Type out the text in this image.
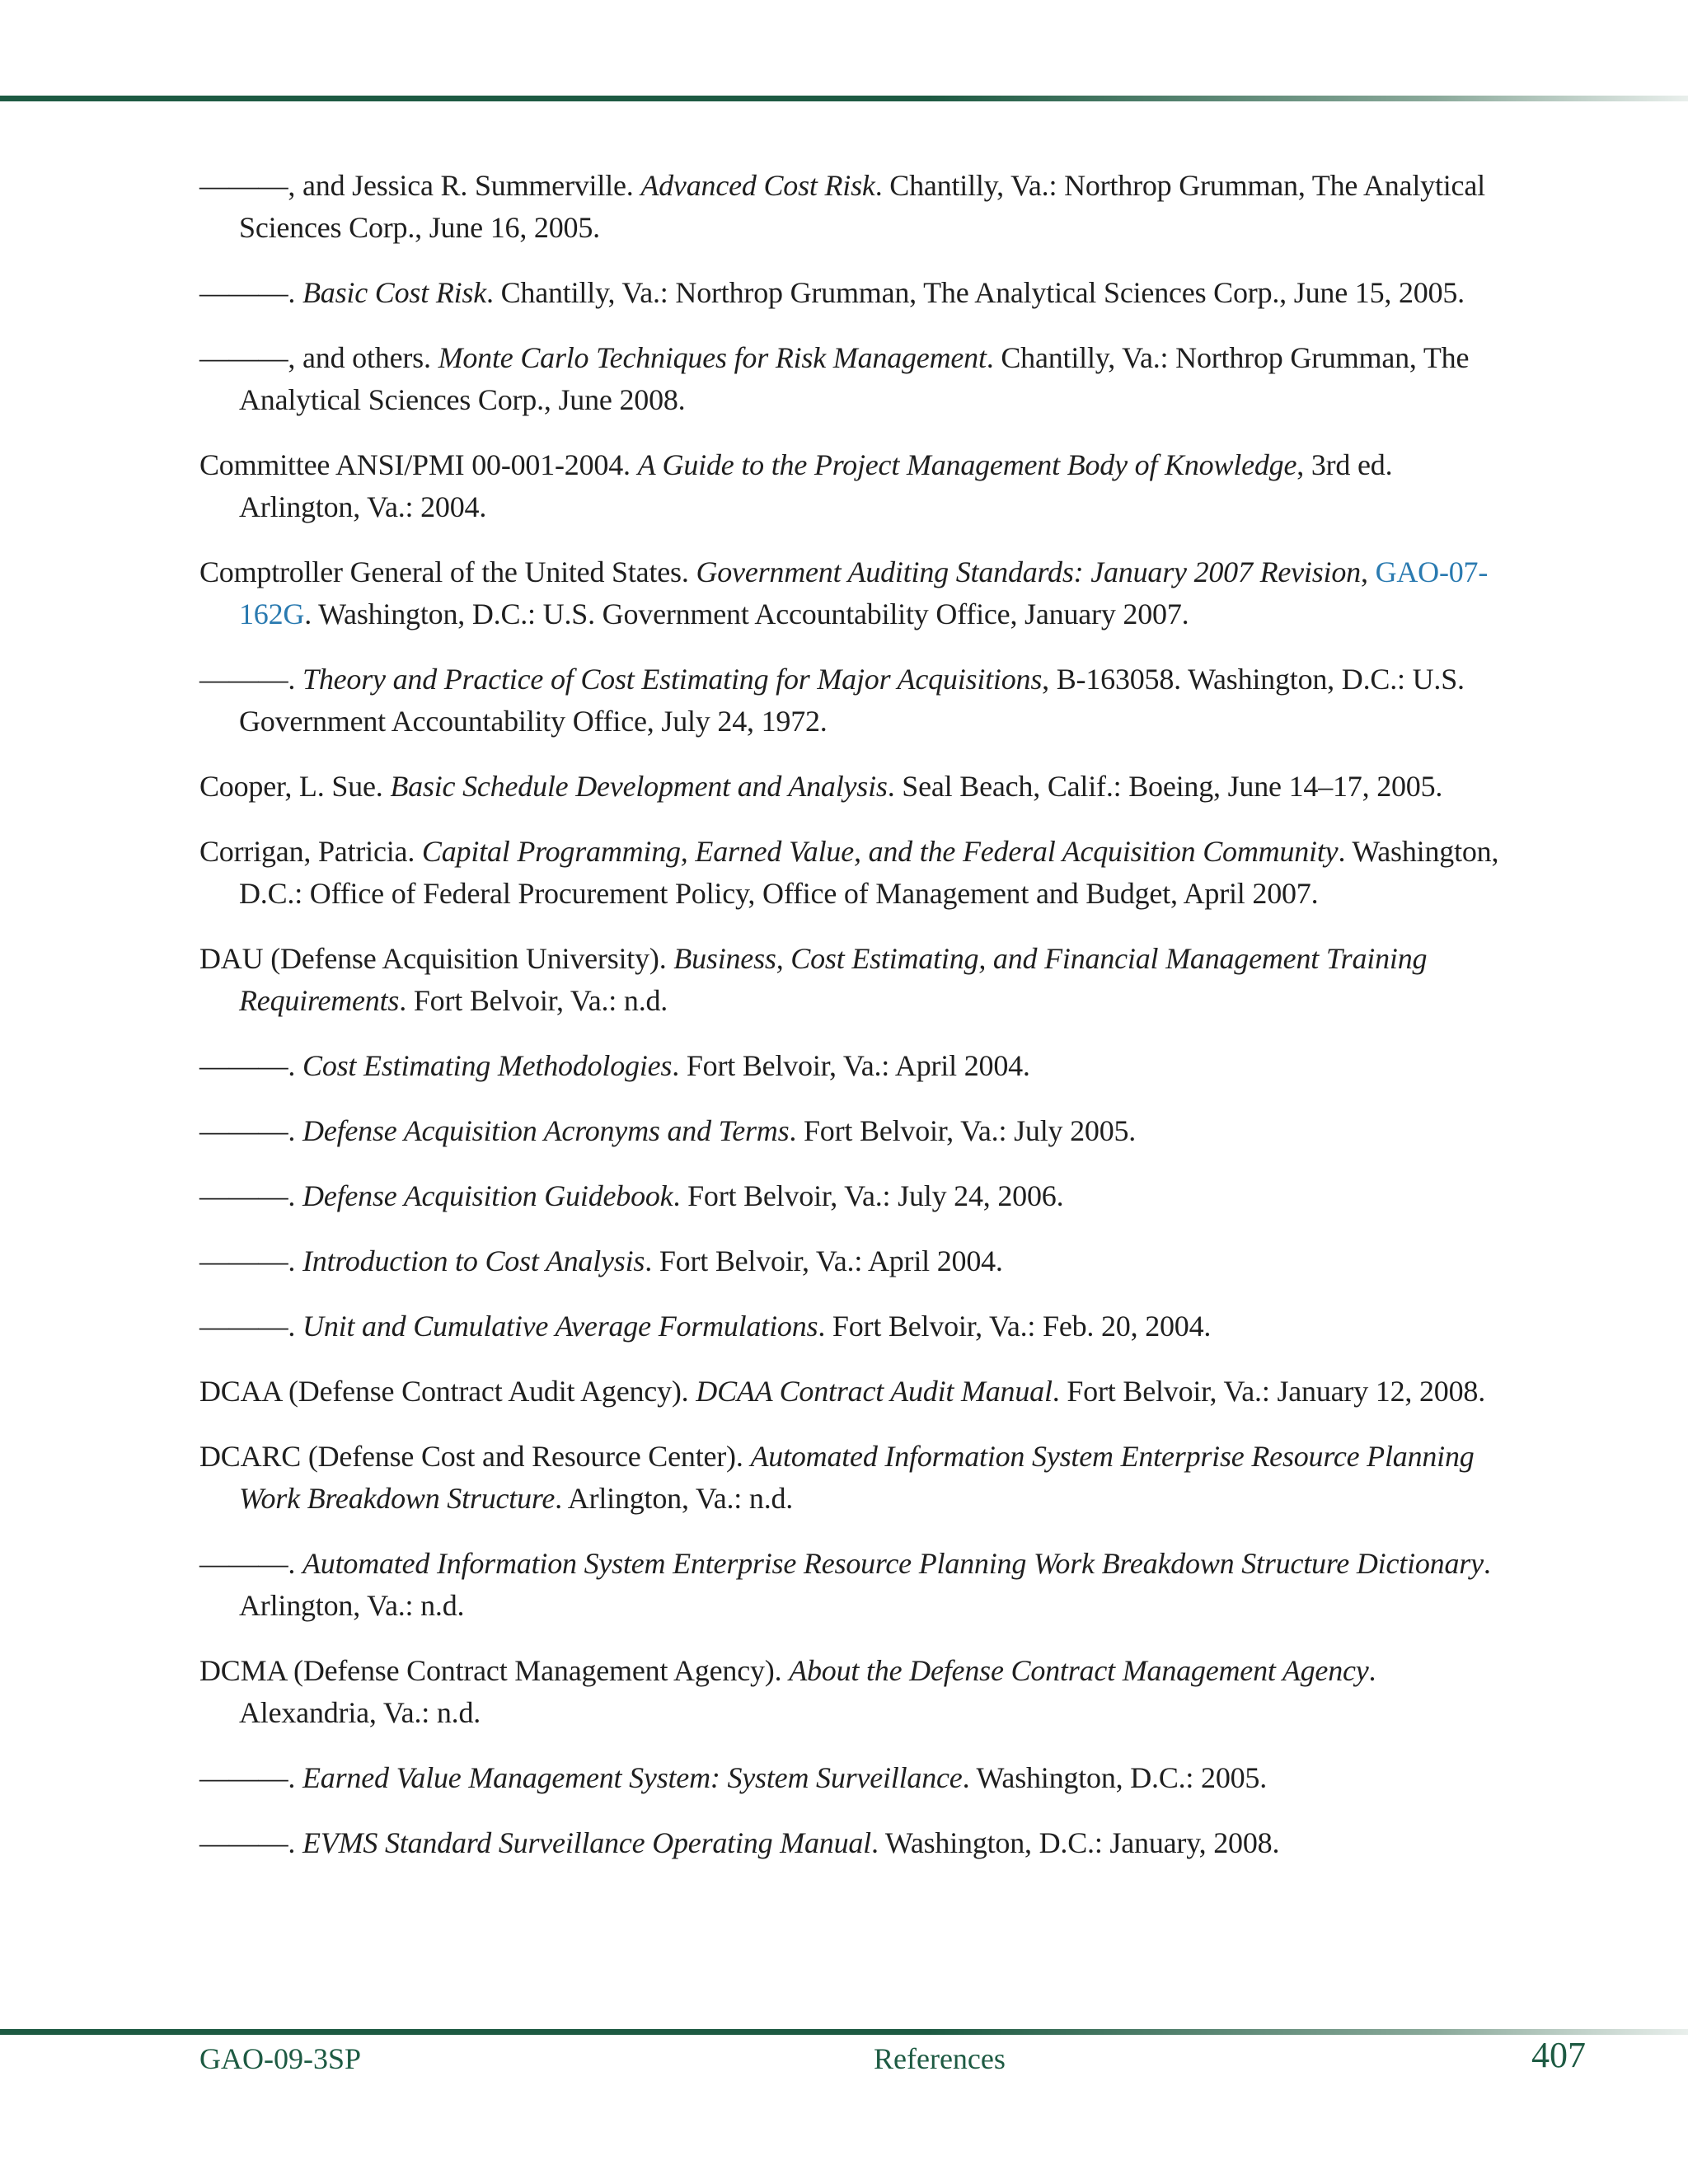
———, and Jessica R. Summerville. Advanced Cost Risk. Chantilly, Va.: Northrop Grumman, The Analytical Sciences Corp., June 16, 2005.

———. Basic Cost Risk. Chantilly, Va.: Northrop Grumman, The Analytical Sciences Corp., June 15, 2005.

———, and others. Monte Carlo Techniques for Risk Management. Chantilly, Va.: Northrop Grumman, The Analytical Sciences Corp., June 2008.

Committee ANSI/PMI 00-001-2004. A Guide to the Project Management Body of Knowledge, 3rd ed. Arlington, Va.: 2004.

Comptroller General of the United States. Government Auditing Standards: January 2007 Revision, GAO-07-162G. Washington, D.C.: U.S. Government Accountability Office, January 2007.

———. Theory and Practice of Cost Estimating for Major Acquisitions, B-163058. Washington, D.C.: U.S. Government Accountability Office, July 24, 1972.

Cooper, L. Sue. Basic Schedule Development and Analysis. Seal Beach, Calif.: Boeing, June 14–17, 2005.

Corrigan, Patricia. Capital Programming, Earned Value, and the Federal Acquisition Community. Washington, D.C.: Office of Federal Procurement Policy, Office of Management and Budget, April 2007.

DAU (Defense Acquisition University). Business, Cost Estimating, and Financial Management Training Requirements. Fort Belvoir, Va.: n.d.

———. Cost Estimating Methodologies. Fort Belvoir, Va.: April 2004.

———. Defense Acquisition Acronyms and Terms. Fort Belvoir, Va.: July 2005.

———. Defense Acquisition Guidebook. Fort Belvoir, Va.: July 24, 2006.

———. Introduction to Cost Analysis. Fort Belvoir, Va.: April 2004.

———. Unit and Cumulative Average Formulations. Fort Belvoir, Va.: Feb. 20, 2004.

DCAA (Defense Contract Audit Agency). DCAA Contract Audit Manual. Fort Belvoir, Va.: January 12, 2008.

DCARC (Defense Cost and Resource Center). Automated Information System Enterprise Resource Planning Work Breakdown Structure. Arlington, Va.: n.d.

———. Automated Information System Enterprise Resource Planning Work Breakdown Structure Dictionary. Arlington, Va.: n.d.

DCMA (Defense Contract Management Agency). About the Defense Contract Management Agency. Alexandria, Va.: n.d.

———. Earned Value Management System: System Surveillance. Washington, D.C.: 2005.

———. EVMS Standard Surveillance Operating Manual. Washington, D.C.: January, 2008.

GAO-09-3SP	References	407
